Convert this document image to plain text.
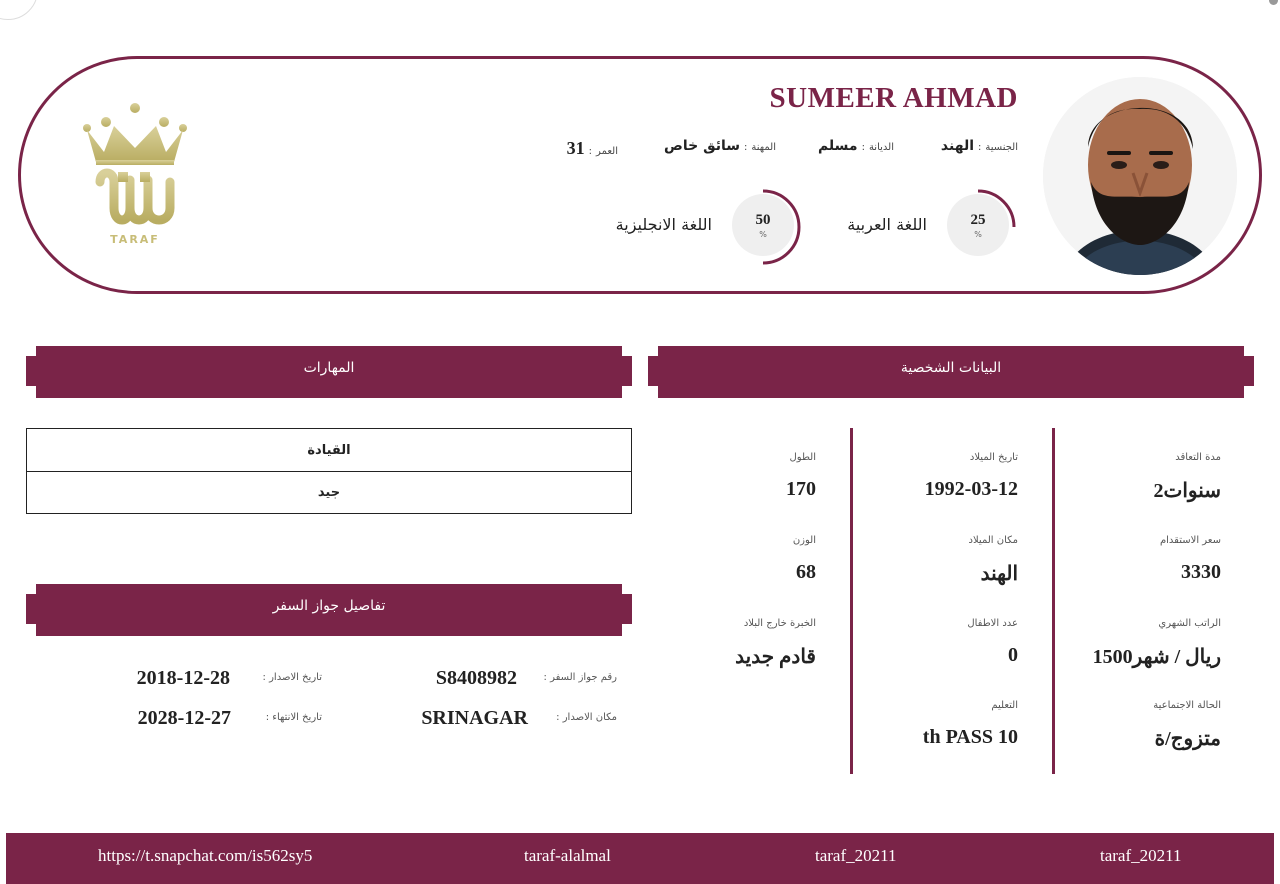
SUMEER AHMAD
الجنسية
:
الهند
الديانة
:
مسلم
المهنة
:
سائق خاص
العمر
:
31
25
%
اللغة العربية
50
%
اللغة الانجليزية
TARAF
المهارات	البيانات الشخصية
تفاصيل جواز السفر
القيادة
جيد
مدة التعاقد
2سنوات
سعر الاستقدام
3330
الراتب الشهري
1500ريال / شهر
الحالة الاجتماعية
متزوج/ة
تاريخ الميلاد
1992-03-12
مكان الميلاد
الهند
عدد الاطفال
0
التعليم
th PASS 10
الطول
170
الوزن
68
الخبرة خارج البلاد
قادم جديد
رقم جواز السفر :
S8408982
تاريخ الاصدار :
2018-12-28
مكان الاصدار :
SRINAGAR
تاريخ الانتهاء :
2028-12-27
https://t.snapchat.com/is562sy5	taraf-alalmal	taraf_20211	taraf_20211
